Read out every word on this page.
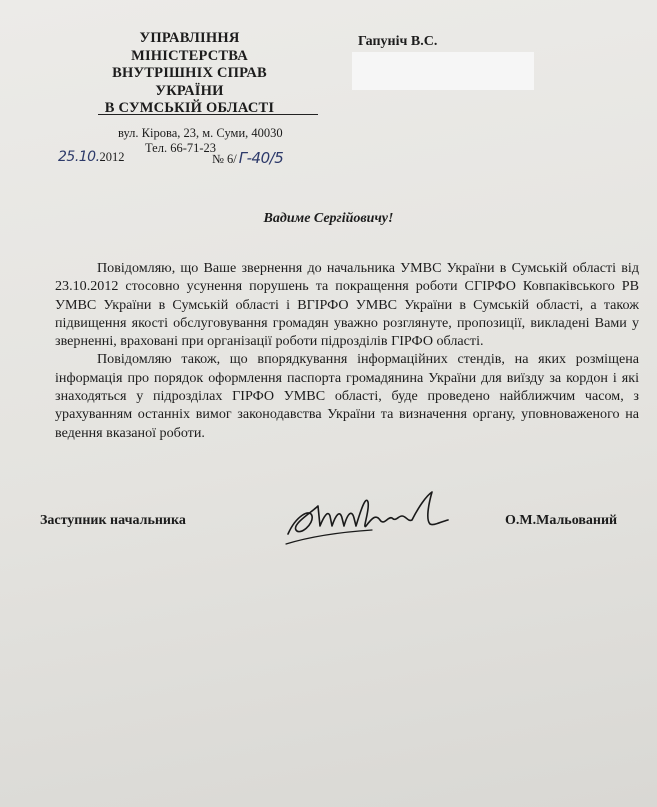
УПРАВЛІННЯ
МІНІСТЕРСТВА
ВНУТРІШНІХ СПРАВ
УКРАЇНИ
В СУМСЬКІЙ ОБЛАСТІ
вул. Кірова, 23, м. Суми, 40030
Тел. 66-71-23
25.10.2012	№ 6/ Г-40/5
Гапуніч В.С.
Вадиме Сергійовичу!

Повідомляю, що Ваше звернення до начальника УМВС України в Сумській області від 23.10.2012 стосовно усунення порушень та покращення роботи СГІРФО Ковпаківського РВ УМВС України в Сумській області і ВГІРФО УМВС України в Сумській області, а також підвищення якості обслуговування громадян уважно розглянуте, пропозиції, викладені Вами у зверненні, враховані при організації роботи підрозділів ГІРФО області.

Повідомляю також, що впорядкування інформаційних стендів, на яких розміщена інформація про порядок оформлення паспорта громадянина України для виїзду за кордон і які знаходяться у підрозділах ГІРФО УМВС області, буде проведено найближчим часом, з урахуванням останніх вимог законодавства України та визначення органу, уповноваженого на ведення вказаної роботи.

Заступник начальника	О.М.Мальований
